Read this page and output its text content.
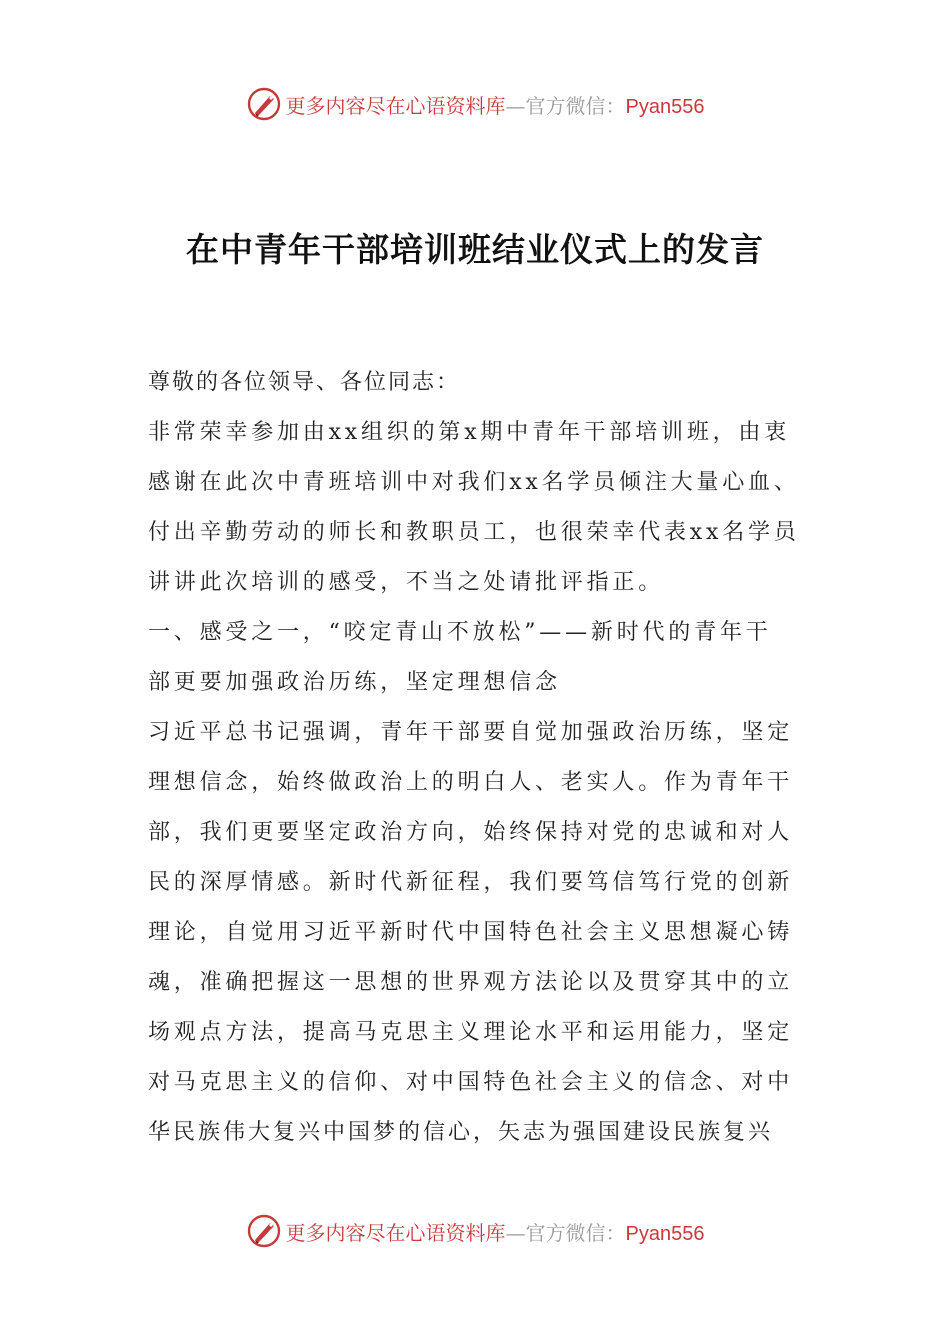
更多内容尽在心语资料库—官方微信：Pyan556
在中青年干部培训班结业仪式上的发言
尊敬的各位领导、各位同志：
非常荣幸参加由xx组织的第x期中青年干部培训班，由衷
感谢在此次中青班培训中对我们xx名学员倾注大量心血、
付出辛勤劳动的师长和教职员工，也很荣幸代表xx名学员
讲讲此次培训的感受，不当之处请批评指正。
一、感受之一，“咬定青山不放松”——新时代的青年干
部更要加强政治历练，坚定理想信念
习近平总书记强调，青年干部要自觉加强政治历练，坚定
理想信念，始终做政治上的明白人、老实人。作为青年干
部，我们更要坚定政治方向，始终保持对党的忠诚和对人
民的深厚情感。新时代新征程，我们要笃信笃行党的创新
理论，自觉用习近平新时代中国特色社会主义思想凝心铸
魂，准确把握这一思想的世界观方法论以及贯穿其中的立
场观点方法，提高马克思主义理论水平和运用能力，坚定
对马克思主义的信仰、对中国特色社会主义的信念、对中
华民族伟大复兴中国梦的信心，矢志为强国建设民族复兴
更多内容尽在心语资料库—官方微信：Pyan556
